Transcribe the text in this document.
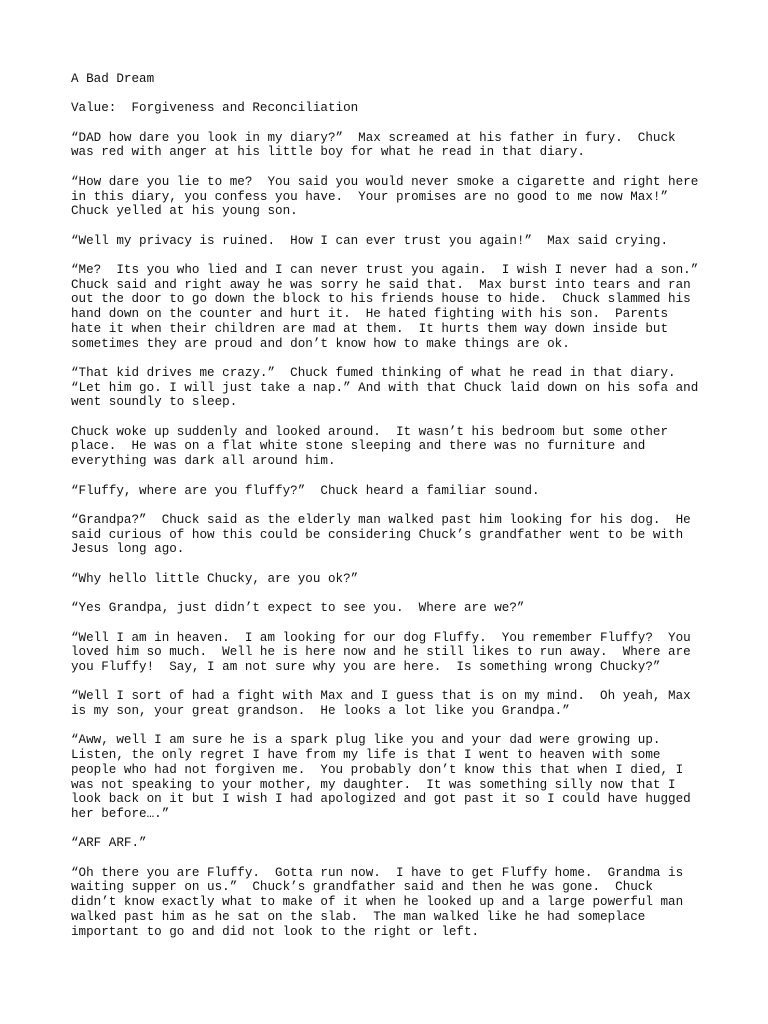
A Bad Dream

Value:  Forgiveness and Reconciliation

“DAD how dare you look in my diary?”  Max screamed at his father in fury.  Chuck
was red with anger at his little boy for what he read in that diary.

“How dare you lie to me?  You said you would never smoke a cigarette and right here
in this diary, you confess you have.  Your promises are no good to me now Max!”
Chuck yelled at his young son.

“Well my privacy is ruined.  How I can ever trust you again!”  Max said crying.

“Me?  Its you who lied and I can never trust you again.  I wish I never had a son.”
Chuck said and right away he was sorry he said that.  Max burst into tears and ran
out the door to go down the block to his friends house to hide.  Chuck slammed his
hand down on the counter and hurt it.  He hated fighting with his son.  Parents
hate it when their children are mad at them.  It hurts them way down inside but
sometimes they are proud and don’t know how to make things are ok.

“That kid drives me crazy.”  Chuck fumed thinking of what he read in that diary.
“Let him go. I will just take a nap.” And with that Chuck laid down on his sofa and
went soundly to sleep.

Chuck woke up suddenly and looked around.  It wasn’t his bedroom but some other
place.  He was on a flat white stone sleeping and there was no furniture and
everything was dark all around him.

“Fluffy, where are you fluffy?”  Chuck heard a familiar sound.

“Grandpa?”  Chuck said as the elderly man walked past him looking for his dog.  He
said curious of how this could be considering Chuck’s grandfather went to be with
Jesus long ago.

“Why hello little Chucky, are you ok?”

“Yes Grandpa, just didn’t expect to see you.  Where are we?”

“Well I am in heaven.  I am looking for our dog Fluffy.  You remember Fluffy?  You
loved him so much.  Well he is here now and he still likes to run away.  Where are
you Fluffy!  Say, I am not sure why you are here.  Is something wrong Chucky?”

“Well I sort of had a fight with Max and I guess that is on my mind.  Oh yeah, Max
is my son, your great grandson.  He looks a lot like you Grandpa.”

“Aww, well I am sure he is a spark plug like you and your dad were growing up.
Listen, the only regret I have from my life is that I went to heaven with some
people who had not forgiven me.  You probably don’t know this that when I died, I
was not speaking to your mother, my daughter.  It was something silly now that I
look back on it but I wish I had apologized and got past it so I could have hugged
her before….”

“ARF ARF.”

“Oh there you are Fluffy.  Gotta run now.  I have to get Fluffy home.  Grandma is
waiting supper on us.”  Chuck’s grandfather said and then he was gone.  Chuck
didn’t know exactly what to make of it when he looked up and a large powerful man
walked past him as he sat on the slab.  The man walked like he had someplace
important to go and did not look to the right or left.
